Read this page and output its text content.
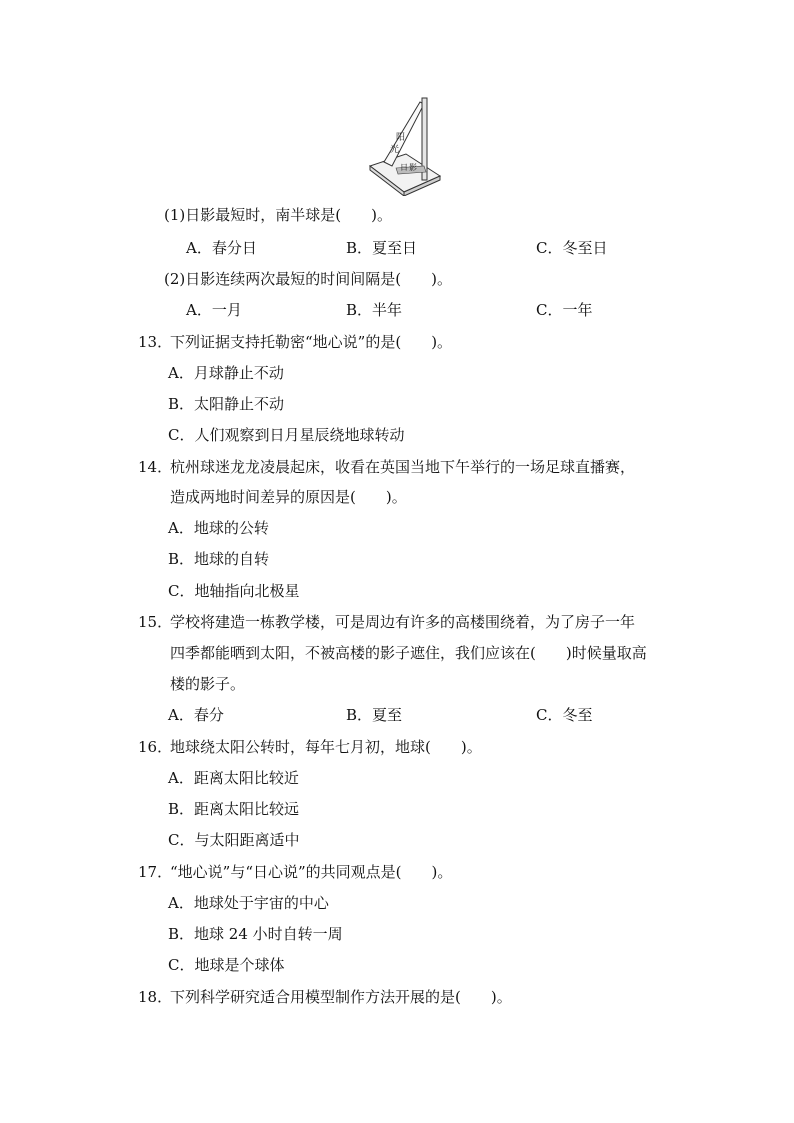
阳
光
日 影
(1)日影最短时，南半球是(　　)。
A．春分日	B．夏至日	C．冬至日
(2)日影连续两次最短的时间间隔是(　　)。
A．一月	B．半年	C．一年
13．
下列证据支持托勒密“地心说”的是(　　)。
A．月球静止不动
B．太阳静止不动
C．人们观察到日月星辰绕地球转动
14．
杭州球迷龙龙凌晨起床，收看在英国当地下午举行的一场足球直播赛，
造成两地时间差异的原因是(　　)。
A．地球的公转
B．地球的自转
C．地轴指向北极星
15．
学校将建造一栋教学楼，可是周边有许多的高楼围绕着，为了房子一年
四季都能晒到太阳，不被高楼的影子遮住，我们应该在(　　)时候量取高
楼的影子。
A．春分	B．夏至	C．冬至
16．
地球绕太阳公转时，每年七月初，地球(　　)。
A．距离太阳比较近
B．距离太阳比较远
C．与太阳距离适中
17．
“地心说”与“日心说”的共同观点是(　　)。
A．地球处于宇宙的中心
B．地球 24 小时自转一周
C．地球是个球体
18．
下列科学研究适合用模型制作方法开展的是(　　)。
